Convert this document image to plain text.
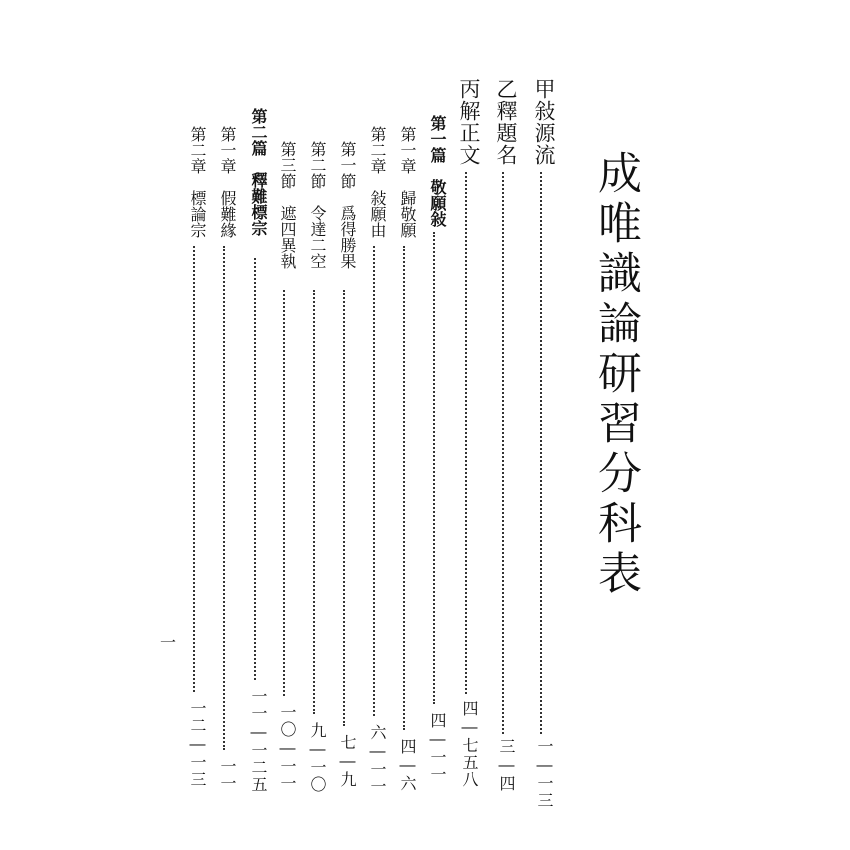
成唯識論研習分科表
甲敍源流
一―一三
乙釋題名
三―四
丙解正文
四―七五八
第一篇　敬願敍
四―一一
第一章　歸敬願
四―六
第二章　敍願由
六―一一
第一節　爲得勝果
七―九
第二節　令達二空
九―一〇
第三節　遮四異執
一〇―一一
第二篇　釋難標宗
一一―一二五
第一章　假難緣
一一
第二章　標論宗
一二―一三
一
